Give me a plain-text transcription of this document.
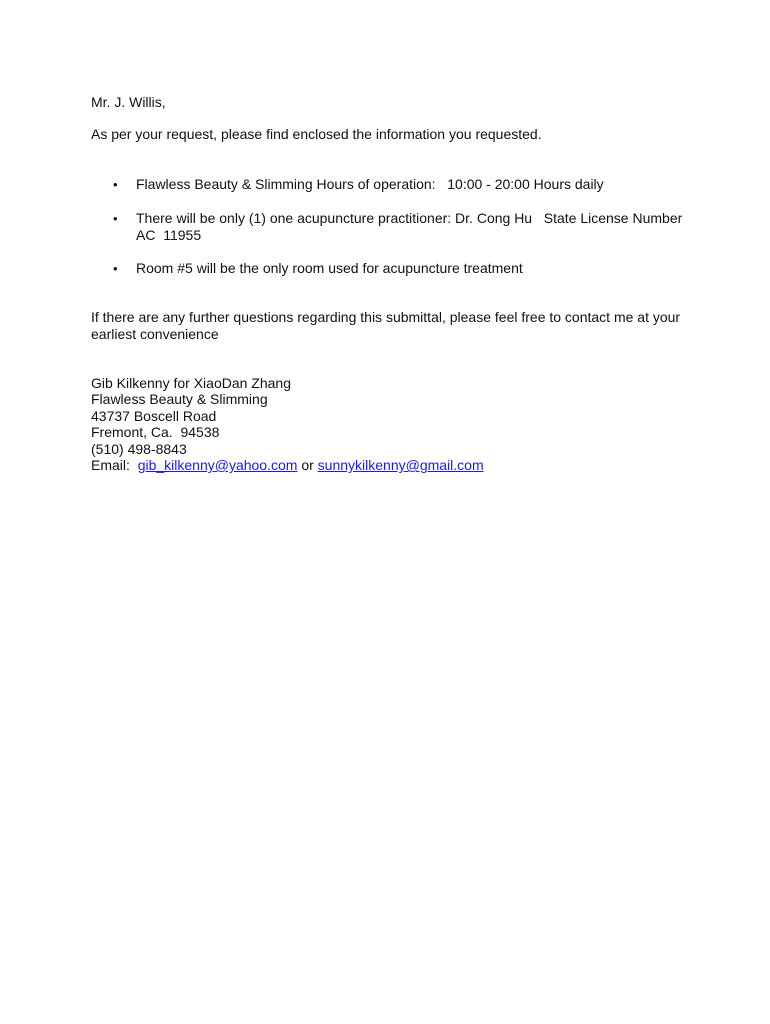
Mr. J. Willis,
As per your request, please find enclosed the information you requested.
•	Flawless Beauty & Slimming Hours of operation:   10:00 - 20:00 Hours daily
•	There will be only (1) one acupuncture practitioner: Dr. Cong Hu   State License Number AC  11955
•	Room #5 will be the only room used for acupuncture treatment
If there are any further questions regarding this submittal, please feel free to contact me at your earliest convenience
Gib Kilkenny for XiaoDan Zhang
Flawless Beauty & Slimming
43737 Boscell Road
Fremont, Ca.  94538
(510) 498-8843
Email: gib_kilkenny@yahoo.com or sunnykilkenny@gmail.com
